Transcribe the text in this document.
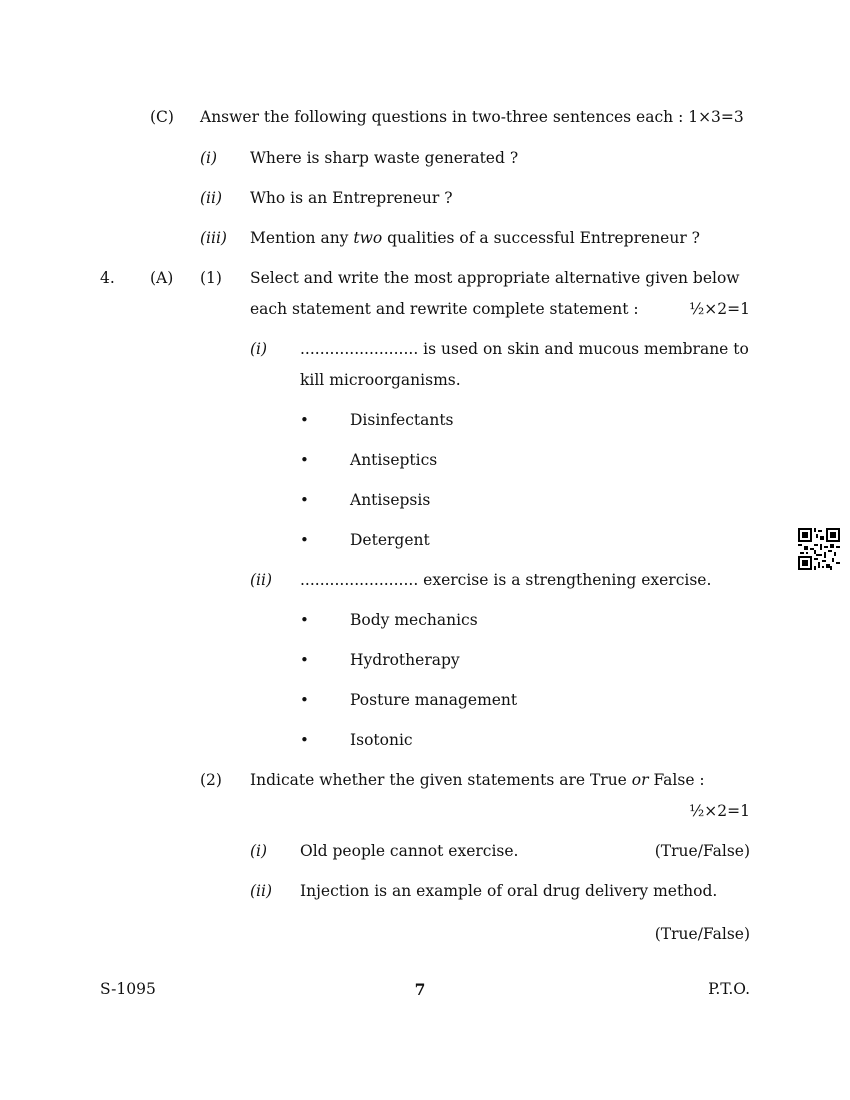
(C) Answer the following questions in two-three sentences each : 1×3=3
(i) Where is sharp waste generated ?
(ii) Who is an Entrepreneur ?
(iii) Mention any two qualities of a successful Entrepreneur ?
4. (A) (1) Select and write the most appropriate alternative given below
each statement and rewrite complete statement :	½×2=1
(i) ........................ is used on skin and mucous membrane to
kill microorganisms.
•	Disinfectants
•	Antiseptics
•	Antisepsis
•	Detergent
(ii) ........................ exercise is a strengthening exercise.
•	Body mechanics
•	Hydrotherapy
•	Posture management
•	Isotonic
(2) Indicate whether the given statements are True or False :
½×2=1
(i) Old people cannot exercise.	(True/False)
(ii) Injection is an example of oral drug delivery method.
(True/False)
S-1095	7	P.T.O.
